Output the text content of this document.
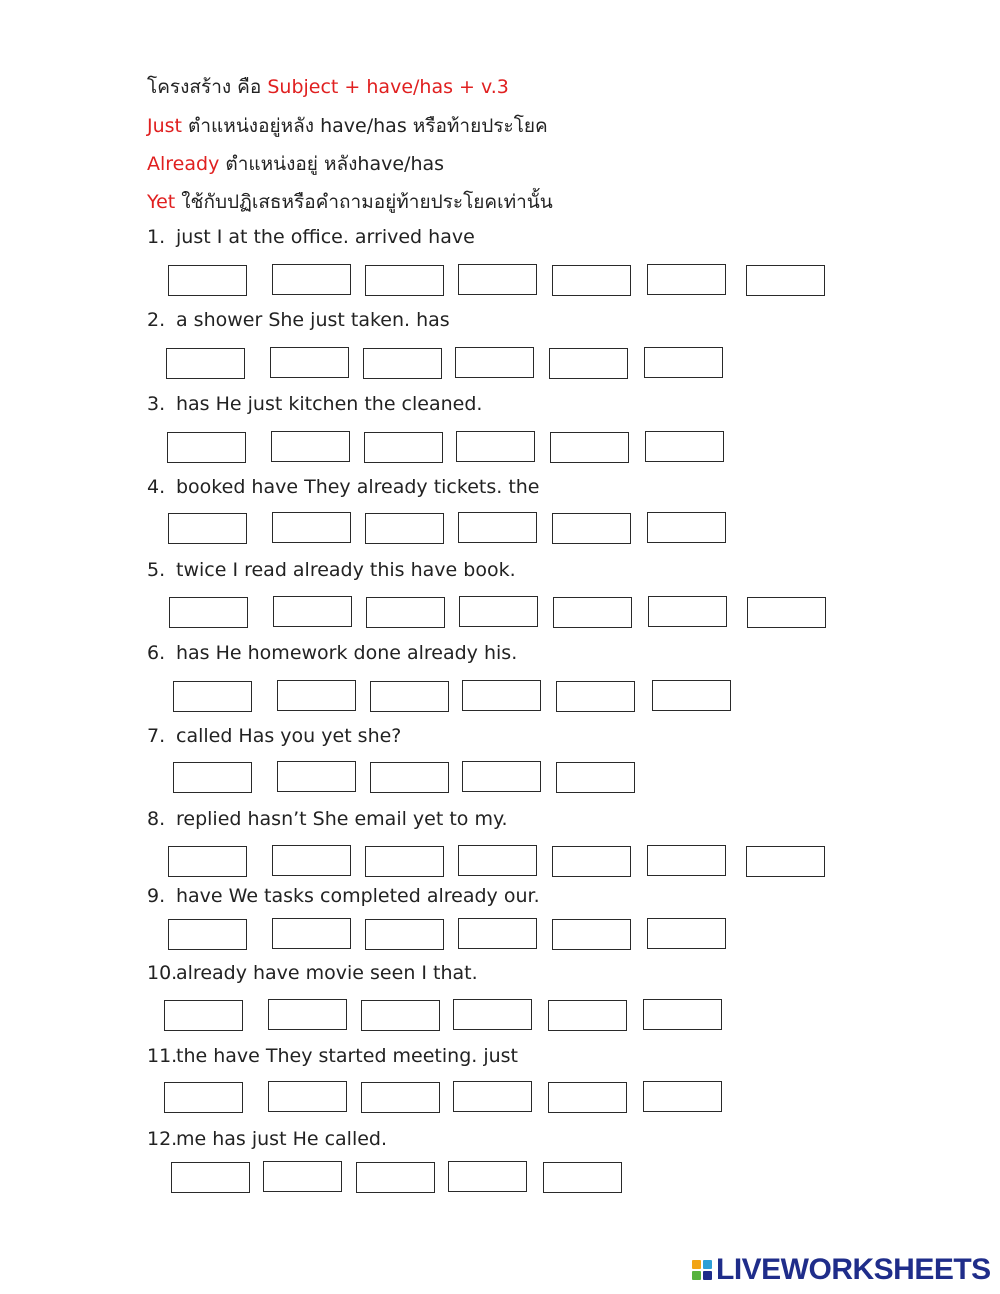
โครงสร้าง คือ Subject + have/has + v.3
Just ตำแหน่งอยู่หลัง have/has หรือท้ายประโยค
Already ตำแหน่งอยู่ หลังhave/has
Yet ใช้กับปฏิเสธหรือคำถามอยู่ท้ายประโยคเท่านั้น
1. just I at the office. arrived have
2. a shower She just taken. has
3. has He just kitchen the cleaned.
4. booked have They already tickets. the
5. twice I read already this have book.
6. has He homework done already his.
7. called Has you yet she?
8. replied hasn’t She email yet to my.
9. have We tasks completed already our.
10.already have movie seen I that.
11.the have They started meeting. just
12.me has just He called.
LIVEWORKSHEETS
